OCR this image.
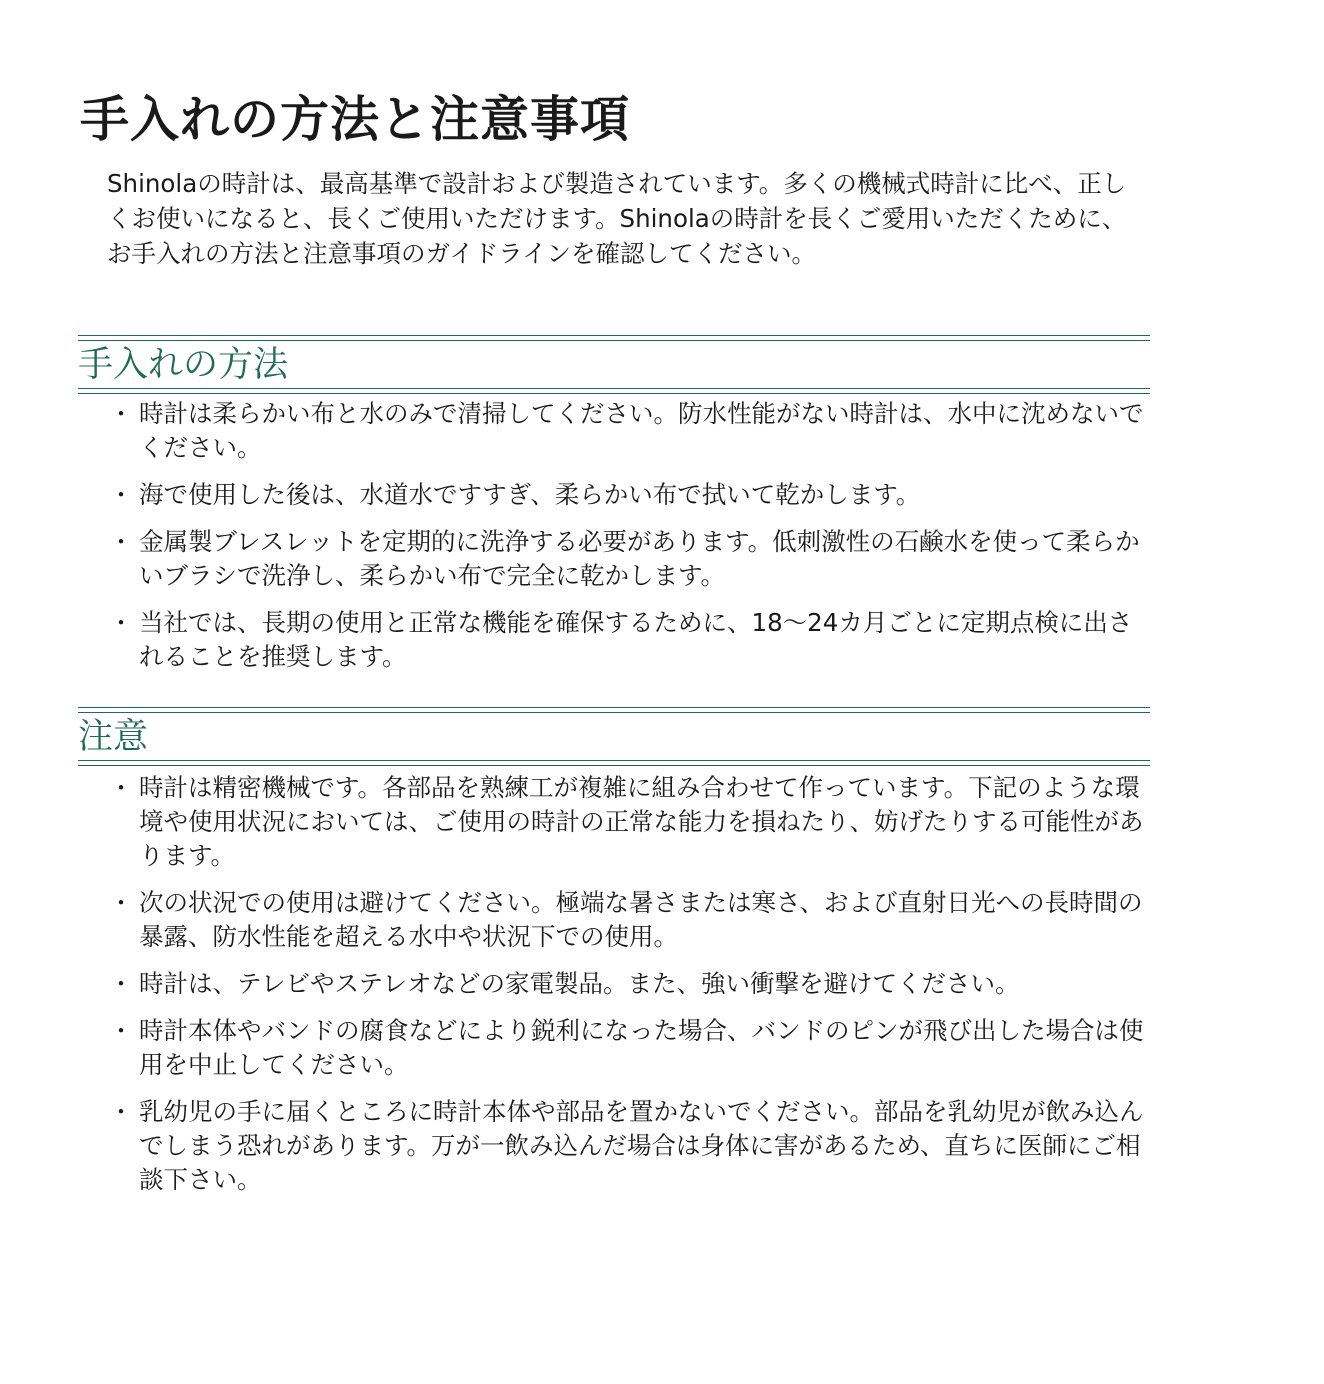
手入れの方法と注意事項

Shinolaの時計は、最高基準で設計および製造されています。多くの機械式時計に比べ、正しくお使いになると、長くご使用いただけます。Shinolaの時計を長くご愛用いただくために、お手入れの方法と注意事項のガイドラインを確認してください。

手入れの方法
・ 時計は柔らかい布と水のみで清掃してください。防水性能がない時計は、水中に沈めないでください。
・ 海で使用した後は、水道水ですすぎ、柔らかい布で拭いて乾かします。
・ 金属製ブレスレットを定期的に洗浄する必要があります。低刺激性の石鹸水を使って柔らかいブラシで洗浄し、柔らかい布で完全に乾かします。
・ 当社では、長期の使用と正常な機能を確保するために、18〜24カ月ごとに定期点検に出されることを推奨します。
注意
・ 時計は精密機械です。各部品を熟練工が複雑に組み合わせて作っています。下記のような環境や使用状況においては、ご使用の時計の正常な能力を損ねたり、妨げたりする可能性があります。
・ 次の状況での使用は避けてください。極端な暑さまたは寒さ、および直射日光への長時間の暴露、防水性能を超える水中や状況下での使用。
・ 時計は、テレビやステレオなどの家電製品。また、強い衝撃を避けてください。
・ 時計本体やバンドの腐食などにより鋭利になった場合、バンドのピンが飛び出した場合は使用を中止してください。
・ 乳幼児の手に届くところに時計本体や部品を置かないでください。部品を乳幼児が飲み込んでしまう恐れがあります。万が一飲み込んだ場合は身体に害があるため、直ちに医師にご相談下さい。
